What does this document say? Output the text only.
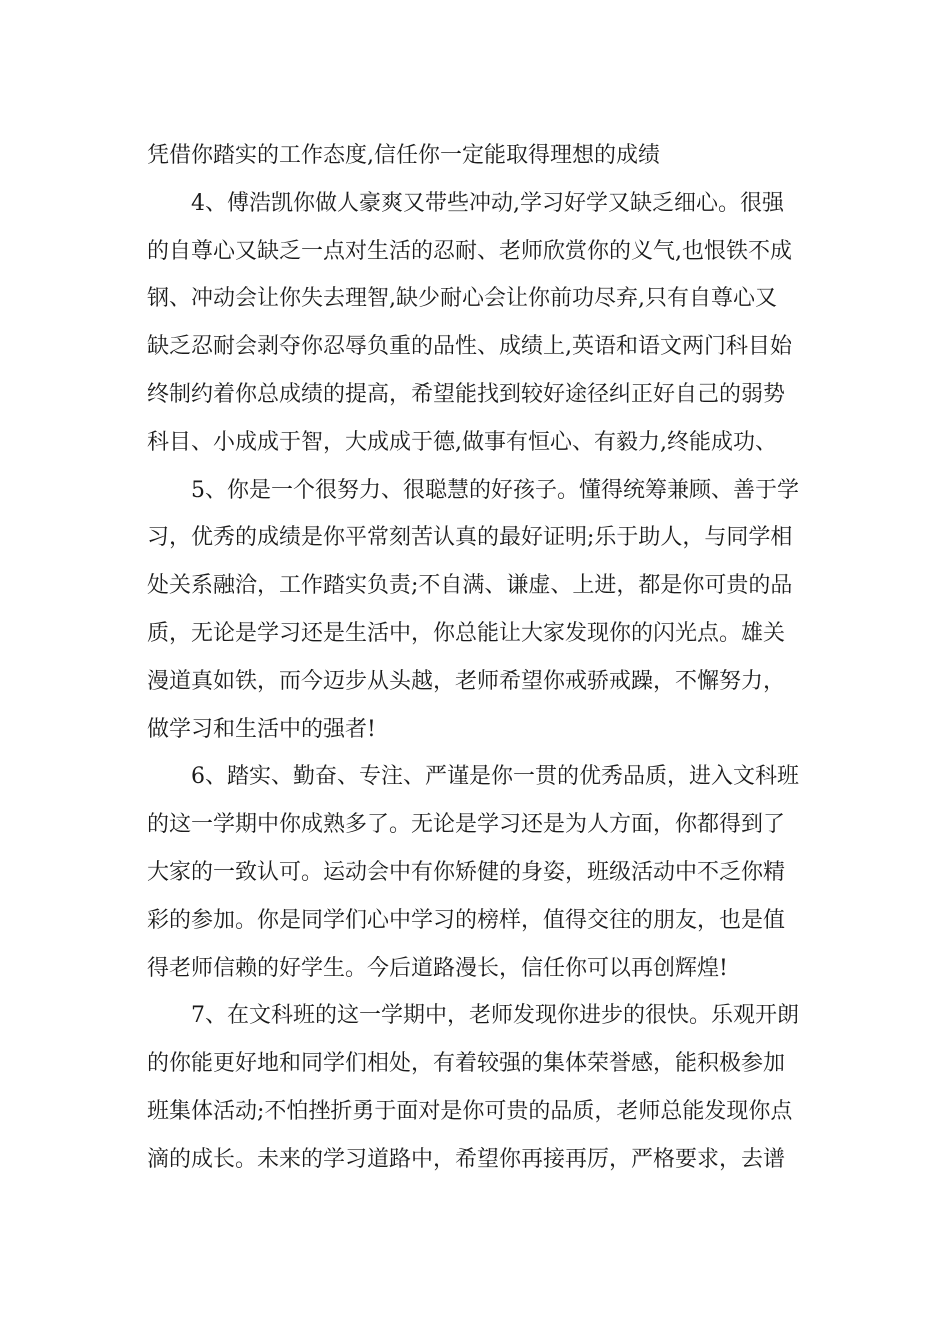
凭借你踏实的工作态度,信任你一定能取得理想的成绩
4、傅浩凯你做人豪爽又带些冲动,学习好学又缺乏细心。很强
的自尊心又缺乏一点对生活的忍耐、老师欣赏你的义气,也恨铁不成
钢、冲动会让你失去理智,缺少耐心会让你前功尽弃,只有自尊心又
缺乏忍耐会剥夺你忍辱负重的品性、成绩上,英语和语文两门科目始
终制约着你总成绩的提高，希望能找到较好途径纠正好自己的弱势
科目、小成成于智，大成成于德,做事有恒心、有毅力,终能成功、
5、你是一个很努力、很聪慧的好孩子。懂得统筹兼顾、善于学
习，优秀的成绩是你平常刻苦认真的最好证明;乐于助人，与同学相
处关系融洽，工作踏实负责;不自满、谦虚、上进，都是你可贵的品
质，无论是学习还是生活中，你总能让大家发现你的闪光点。雄关
漫道真如铁，而今迈步从头越，老师希望你戒骄戒躁，不懈努力，
做学习和生活中的强者!
6、踏实、勤奋、专注、严谨是你一贯的优秀品质，进入文科班
的这一学期中你成熟多了。无论是学习还是为人方面，你都得到了
大家的一致认可。运动会中有你矫健的身姿，班级活动中不乏你精
彩的参加。你是同学们心中学习的榜样，值得交往的朋友，也是值
得老师信赖的好学生。今后道路漫长，信任你可以再创辉煌!
7、在文科班的这一学期中，老师发现你进步的很快。乐观开朗
的你能更好地和同学们相处，有着较强的集体荣誉感，能积极参加
班集体活动;不怕挫折勇于面对是你可贵的品质，老师总能发现你点
滴的成长。未来的学习道路中，希望你再接再厉，严格要求，去谱
